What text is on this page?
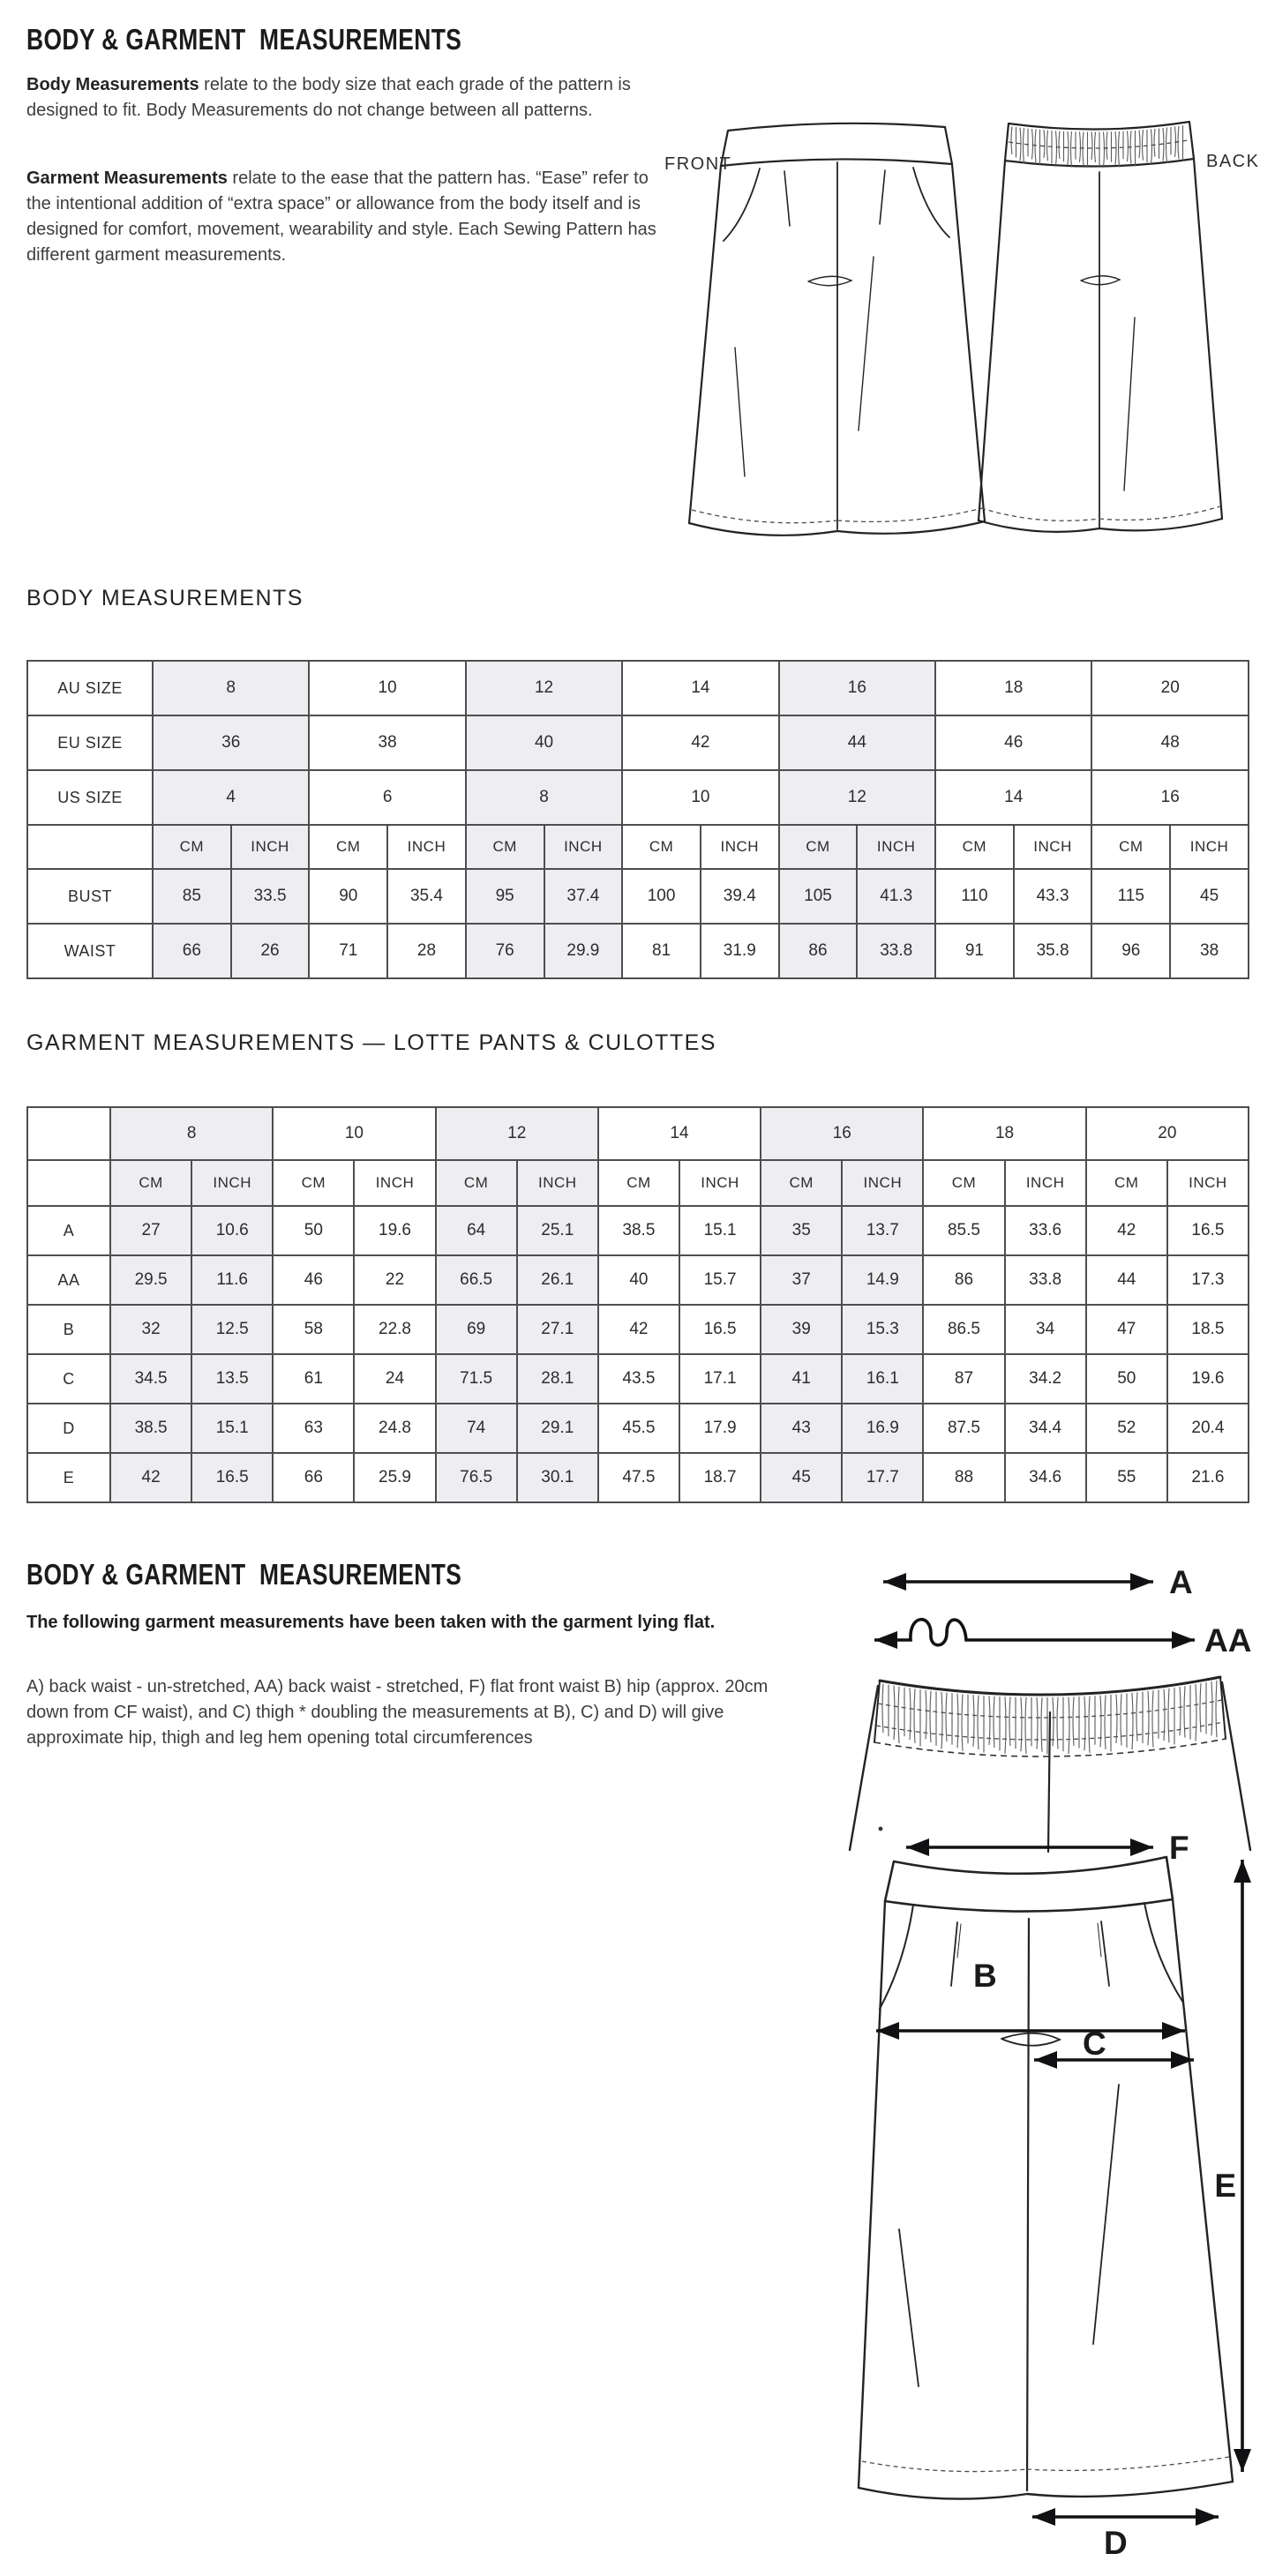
BODY & GARMENT  MEASUREMENTS

Body Measurements relate to the body size that each grade of the pattern is designed to fit. Body Measurements do not change between all patterns.

Garment Measurements relate to the ease that the pattern has. “Ease” refer to the intentional addition of “extra space” or allowance from the body itself and is designed for comfort, movement, wearability and style. Each Sewing Pattern has different garment measurements.

FRONT	BACK
BODY MEASUREMENTS
AU SIZE	8		10		12		14		16		18		20	
EU SIZE	36		38		40		42		44		46		48	
US SIZE	4		6		8		10		12		14		16	
	CM	INCH	CM	INCH	CM	INCH	CM	INCH	CM	INCH	CM	INCH	CM	INCH
BUST	85	33.5	90	35.4	95	37.4	100	39.4	105	41.3	110	43.3	115	45
WAIST	66	26	71	28	76	29.9	81	31.9	86	33.8	91	35.8	96	38
GARMENT MEASUREMENTS — LOTTE PANTS & CULOTTES
	8		10		12		14		16		18		20	
	CM	INCH	CM	INCH	CM	INCH	CM	INCH	CM	INCH	CM	INCH	CM	INCH
A	27	10.6	50	19.6	64	25.1	38.5	15.1	35	13.7	85.5	33.6	42	16.5
AA	29.5	11.6	46	22	66.5	26.1	40	15.7	37	14.9	86	33.8	44	17.3
B	32	12.5	58	22.8	69	27.1	42	16.5	39	15.3	86.5	34	47	18.5
C	34.5	13.5	61	24	71.5	28.1	43.5	17.1	41	16.1	87	34.2	50	19.6
D	38.5	15.1	63	24.8	74	29.1	45.5	17.9	43	16.9	87.5	34.4	52	20.4
E	42	16.5	66	25.9	76.5	30.1	47.5	18.7	45	17.7	88	34.6	55	21.6
BODY & GARMENT  MEASUREMENTS

The following garment measurements have been taken with the garment lying flat.

A) back waist - un-stretched, AA) back waist - stretched, F) flat front waist B) hip (approx. 20cm down from CF waist), and C) thigh * doubling the measurements at B), C) and D) will give approximate hip, thigh and leg hem opening total circumferences

A
AA
F
B
C
E
D
